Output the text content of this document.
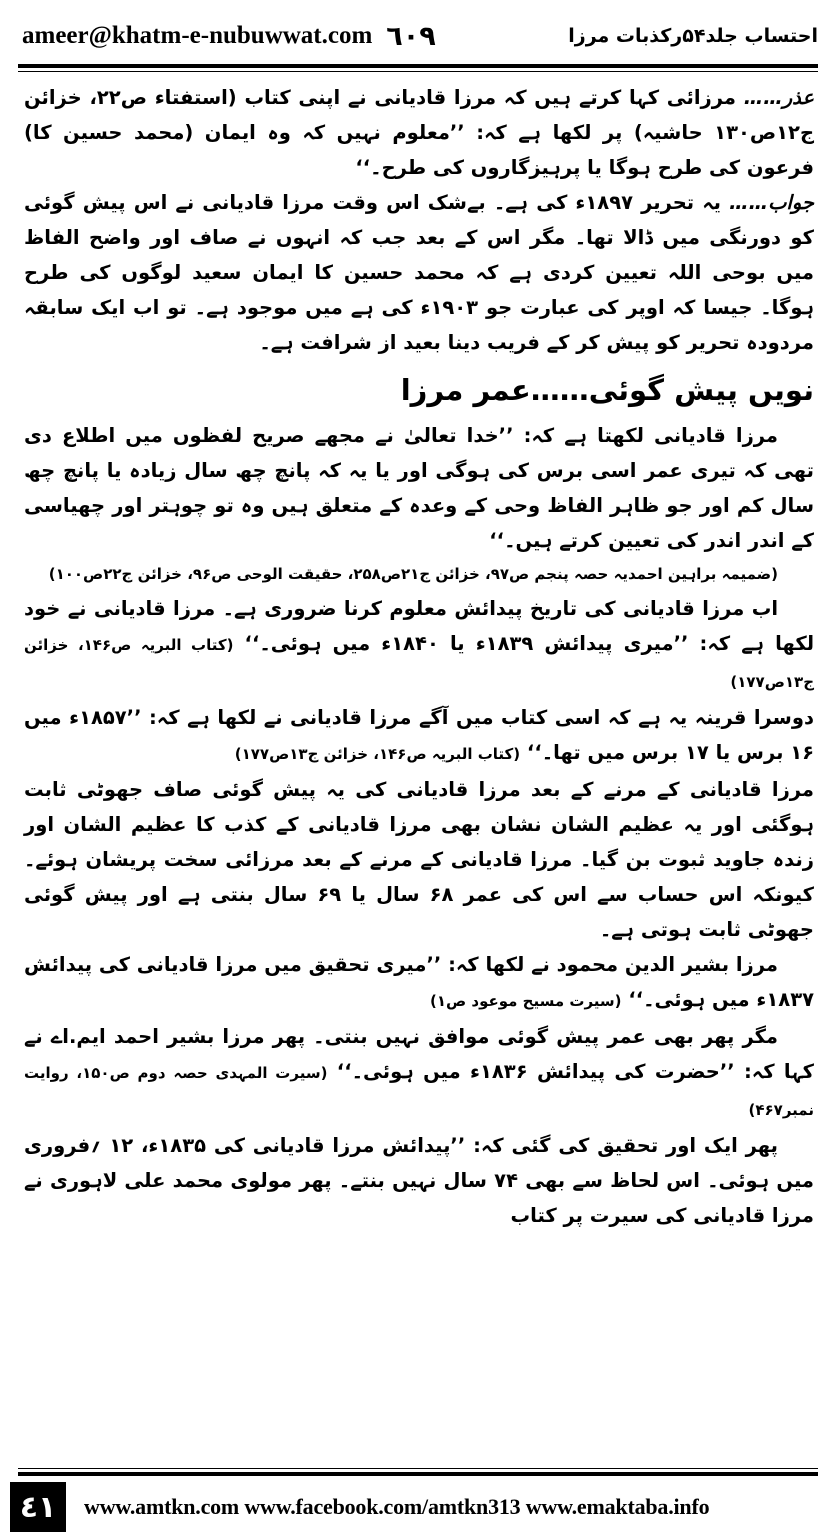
ameer@khatm-e-nubuwwat.com ٦٠٩	احتساب جلد۵۴رکذبات مرزا

عذر…… مرزائی کہا کرتے ہیں کہ مرزا قادیانی نے اپنی کتاب (استفتاء ص۲۲، خزائن ج۱۲ص۱۳۰ حاشیہ) پر لکھا ہے کہ: ’’معلوم نہیں کہ وہ ایمان (محمد حسین کا) فرعون کی طرح ہوگا یا پرہیزگاروں کی طرح۔‘‘

جواب…… یہ تحریر ۱۸۹۷ء کی ہے۔ بےشک اس وقت مرزا قادیانی نے اس پیش گوئی کو دورنگی میں ڈالا تھا۔ مگر اس کے بعد جب کہ انہوں نے صاف اور واضح الفاظ میں بوحی اللہ تعیین کردی ہے کہ محمد حسین کا ایمان سعید لوگوں کی طرح ہوگا۔ جیسا کہ اوپر کی عبارت جو ۱۹۰۳ء کی ہے میں موجود ہے۔ تو اب ایک سابقہ مردودہ تحریر کو پیش کر کے فریب دینا بعید از شرافت ہے۔

نویں پیش گوئی……عمر مرزا

مرزا قادیانی لکھتا ہے کہ: ’’خدا تعالیٰ نے مجھے صریح لفظوں میں اطلاع دی تھی کہ تیری عمر اسی برس کی ہوگی اور یا یہ کہ پانچ چھ سال زیادہ یا پانچ چھ سال کم اور جو ظاہر الفاظ وحی کے وعدہ کے متعلق ہیں وہ تو چوہتر اور چھیاسی کے اندر اندر کی تعیین کرتے ہیں۔‘‘
(ضمیمہ براہین احمدیہ حصہ پنجم ص۹۷، خزائن ج۲۱ص۲۵۸، حقیقت الوحی ص۹۶، خزائن ج۲۲ص۱۰۰)

اب مرزا قادیانی کی تاریخ پیدائش معلوم کرنا ضروری ہے۔ مرزا قادیانی نے خود لکھا ہے کہ: ’’میری پیدائش ۱۸۳۹ء یا ۱۸۴۰ء میں ہوئی۔‘‘ (کتاب البریہ ص۱۴۶، خزائن ج۱۳ص۱۷۷)

دوسرا قرینہ یہ ہے کہ اسی کتاب میں آگے مرزا قادیانی نے لکھا ہے کہ: ’’۱۸۵۷ء میں ۱۶ برس یا ۱۷ برس میں تھا۔‘‘ (کتاب البریہ ص۱۴۶، خزائن ج۱۳ص۱۷۷)

مرزا قادیانی کے مرنے کے بعد مرزا قادیانی کی یہ پیش گوئی صاف جھوٹی ثابت ہوگئی اور یہ عظیم الشان نشان بھی مرزا قادیانی کے کذب کا عظیم الشان اور زندہ جاوید ثبوت بن گیا۔ مرزا قادیانی کے مرنے کے بعد مرزائی سخت پریشان ہوئے۔ کیونکہ اس حساب سے اس کی عمر ۶۸ سال یا ۶۹ سال بنتی ہے اور پیش گوئی جھوٹی ثابت ہوتی ہے۔

مرزا بشیر الدین محمود نے لکھا کہ: ’’میری تحقیق میں مرزا قادیانی کی پیدائش ۱۸۳۷ء میں ہوئی۔‘‘ (سیرت مسیح موعود ص۱)

مگر پھر بھی عمر پیش گوئی موافق نہیں بنتی۔ پھر مرزا بشیر احمد ایم.اے نے کہا کہ: ’’حضرت کی پیدائش ۱۸۳۶ء میں ہوئی۔‘‘ (سیرت المہدی حصہ دوم ص۱۵۰، روایت نمبر۴۶۷)

پھر ایک اور تحقیق کی گئی کہ: ’’پیدائش مرزا قادیانی کی ۱۸۳۵ء، ۱۲ ؍فروری میں ہوئی۔ اس لحاظ سے بھی ۷۴ سال نہیں بنتے۔ پھر مولوی محمد علی لاہوری نے مرزا قادیانی کی سیرت پر کتاب

٤١	www.amtkn.com www.facebook.com/amtkn313 www.emaktaba.info
